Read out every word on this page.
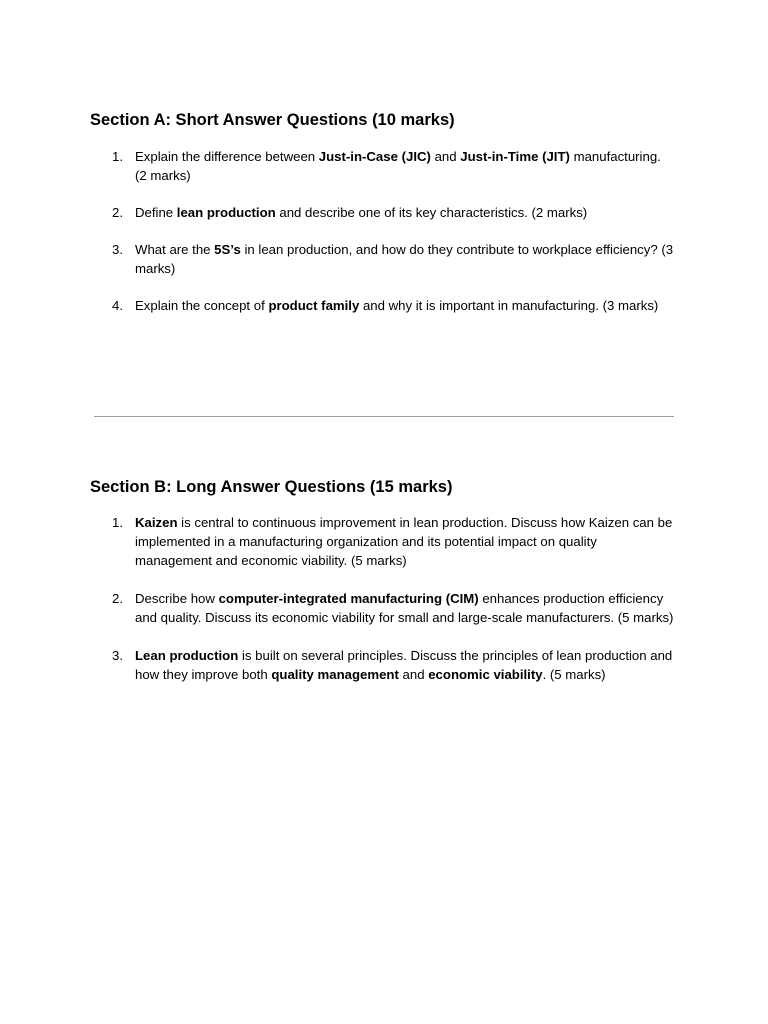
Section A: Short Answer Questions (10 marks)
1. Explain the difference between Just-in-Case (JIC) and Just-in-Time (JIT) manufacturing. (2 marks)
2. Define lean production and describe one of its key characteristics. (2 marks)
3. What are the 5S’s in lean production, and how do they contribute to workplace efficiency? (3 marks)
4. Explain the concept of product family and why it is important in manufacturing. (3 marks)
Section B: Long Answer Questions (15 marks)
1. Kaizen is central to continuous improvement in lean production. Discuss how Kaizen can be implemented in a manufacturing organization and its potential impact on quality management and economic viability. (5 marks)
2. Describe how computer-integrated manufacturing (CIM) enhances production efficiency and quality. Discuss its economic viability for small and large-scale manufacturers. (5 marks)
3. Lean production is built on several principles. Discuss the principles of lean production and how they improve both quality management and economic viability. (5 marks)
